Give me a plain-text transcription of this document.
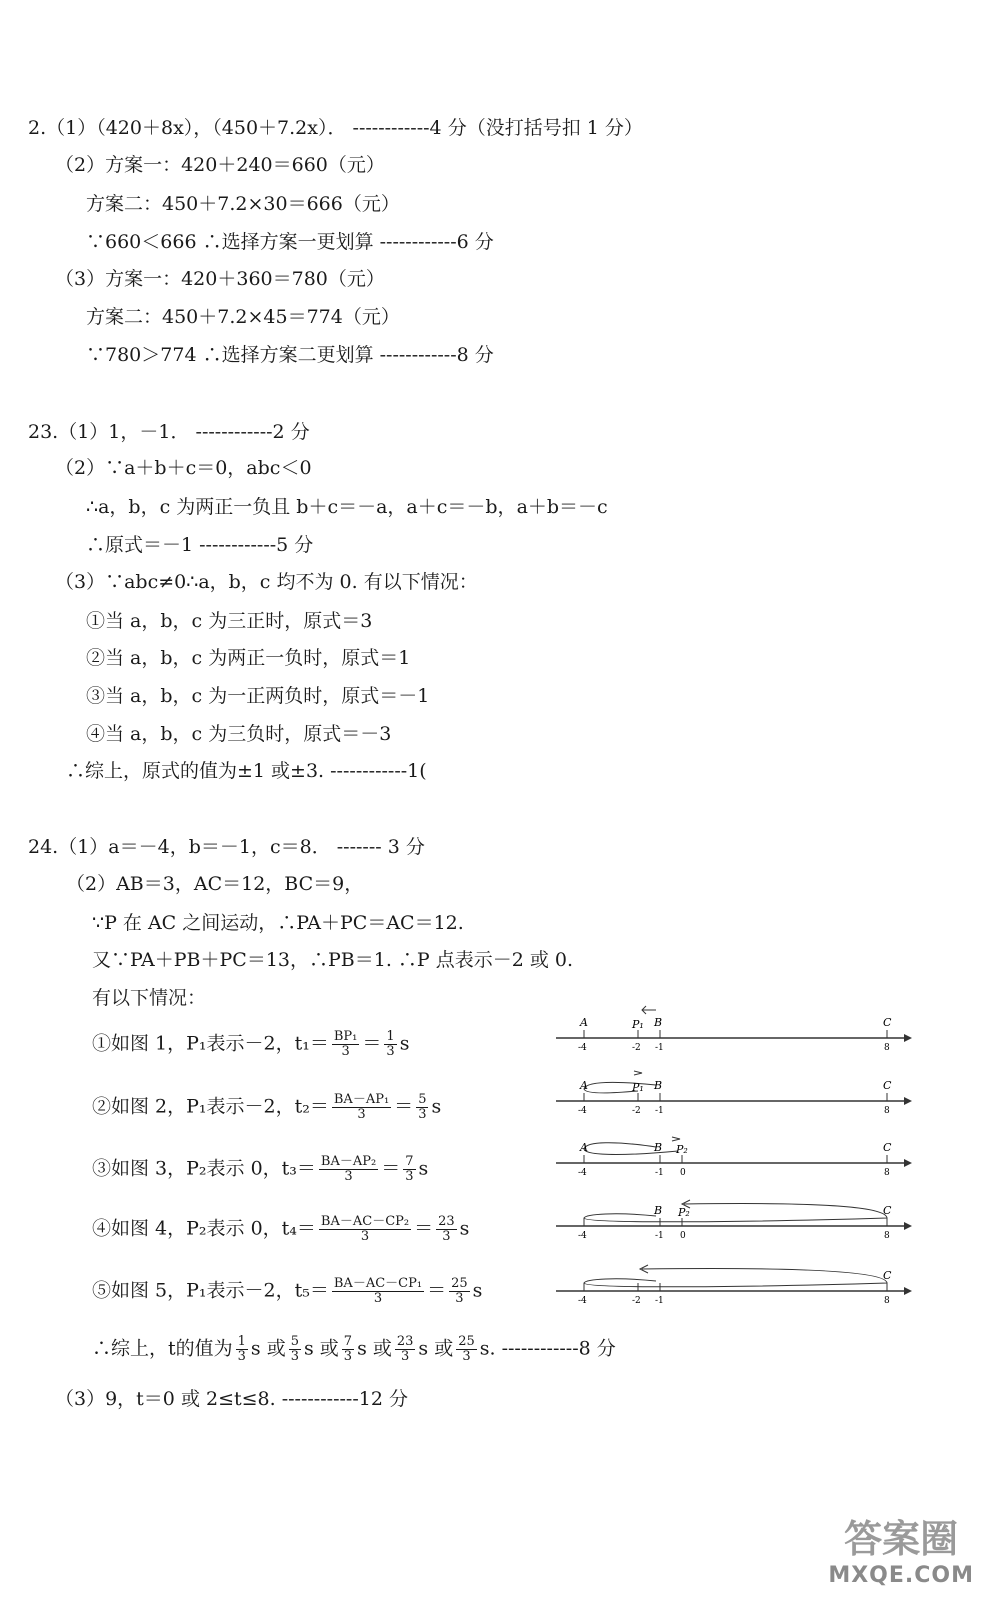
2.（1）（420＋8x），（450＋7.2x）． ------------4 分（没打括号扣 1 分）
（2）方案一：420＋240＝660（元）
方案二：450＋7.2×30＝666（元）
∵660＜666 ∴选择方案一更划算 ------------6 分
（3）方案一：420＋360＝780（元）
方案二：450＋7.2×45＝774（元）
∵780＞774 ∴选择方案二更划算 ------------8 分
23.（1）1，－1． ------------2 分
（2）∵a＋b＋c＝0，abc＜0
∴a，b，c 为两正一负且 b＋c＝－a，a＋c＝－b，a＋b＝－c
∴原式＝－1 ------------5 分
（3）∵abc≠0∴a，b，c 均不为 0. 有以下情况：
①当 a，b，c 为三正时，原式＝3
②当 a，b，c 为两正一负时，原式＝1
③当 a，b，c 为一正两负时，原式＝－1
④当 a，b，c 为三负时，原式＝－3
∴综上，原式的值为±1 或±3. ------------1(
24.（1）a＝－4，b＝－1，c＝8． ------- 3 分
（2）AB＝3，AC＝12，BC＝9，
∵P 在 AC 之间运动，∴PA＋PC＝AC＝12.
又∵PA＋PB＋PC＝13，∴PB＝1. ∴P 点表示－2 或 0.
有以下情况：
①如图 1，P₁表示－2，$t_1= \frac{\text{BP₁}}{3} = \frac{1}{3}$ s
②如图 2，P₁表示－2，$t_2= \frac{\text{BA－AP₁}}{3} = \frac{5}{3}$ s
③如图 3，P₂表示 0，$t_3= \frac{\text{BA－AP₂}}{3} = \frac{7}{3}$ s
④如图 4，P₂表示 0，$t_4= \frac{\text{BA－AC－CP₂}}{3} = \frac{23}{3}$ s
⑤如图 5，P₁表示－2，$t_5= \frac{\text{BA－AC－CP₁}}{3} = \frac{25}{3}$ s
A	P₁ B	C
-4	-2 -1	8
A	P₁ B	C
-4	-2 -1	8
A	B P₂	C
-4	-1 0	8
B P₂	C
-4	-1 0	8
C
-4	-2 -1	8
∴综上，t的值为 $\frac{1}{3}$ s 或 $\frac{5}{3}$ s 或 $\frac{7}{3}$ s 或 $\frac{23}{3}$ s 或 $\frac{25}{3} s$. ------------8 分
（3）9，t＝0 或 2≤t≤8. ------------12 分
答案圈
MXQE.COM
